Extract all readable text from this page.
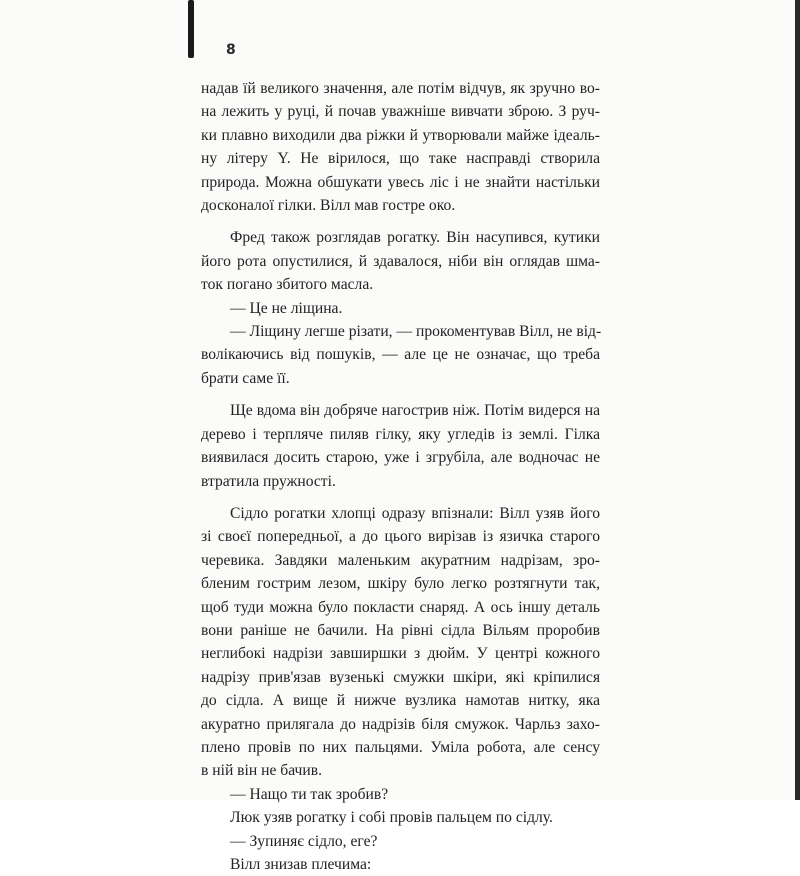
8
надав їй великого значення, але потім відчув, як зручно во-
на лежить у руці, й почав уважніше вивчати зброю. З руч-
ки плавно виходили два ріжки й утворювали майже ідеаль-
ну літеру Y. Не вірилося, що таке насправді створила
природа. Можна обшукати увесь ліс і не знайти настільки
досконалої гілки. Вілл мав гостре око.
Фред також розглядав рогатку. Він насупився, кутики
його рота опустилися, й здавалося, ніби він оглядав шма-
ток погано збитого масла.
— Це не ліщина.
— Ліщину легше різати, — прокоментував Вілл, не від-
волікаючись від пошуків, — але це не означає, що треба
брати саме її.
Ще вдома він добряче нагострив ніж. Потім видерся на
дерево і терпляче пиляв гілку, яку угледів із землі. Гілка
виявилася досить старою, уже і згрубіла, але водночас не
втратила пружності.
Сідло рогатки хлопці одразу впізнали: Вілл узяв його
зі своєї попередньої, а до цього вирізав із язичка старого
черевика. Завдяки маленьким акуратним надрізам, зро-
бленим гострим лезом, шкіру було легко розтягнути так,
щоб туди можна було покласти снаряд. А ось іншу деталь
вони раніше не бачили. На рівні сідла Вільям проробив
неглибокі надрізи завширшки з дюйм. У центрі кожного
надрізу прив'язав вузенькі смужки шкіри, які кріпилися
до сідла. А вище й нижче вузлика намотав нитку, яка
акуратно прилягала до надрізів біля смужок. Чарльз захо-
плено провів по них пальцями. Уміла робота, але сенсу
в ній він не бачив.
— Нащо ти так зробив?
Люк узяв рогатку і собі провів пальцем по сідлу.
— Зупиняє сідло, еге?
Вілл знизав плечима:
